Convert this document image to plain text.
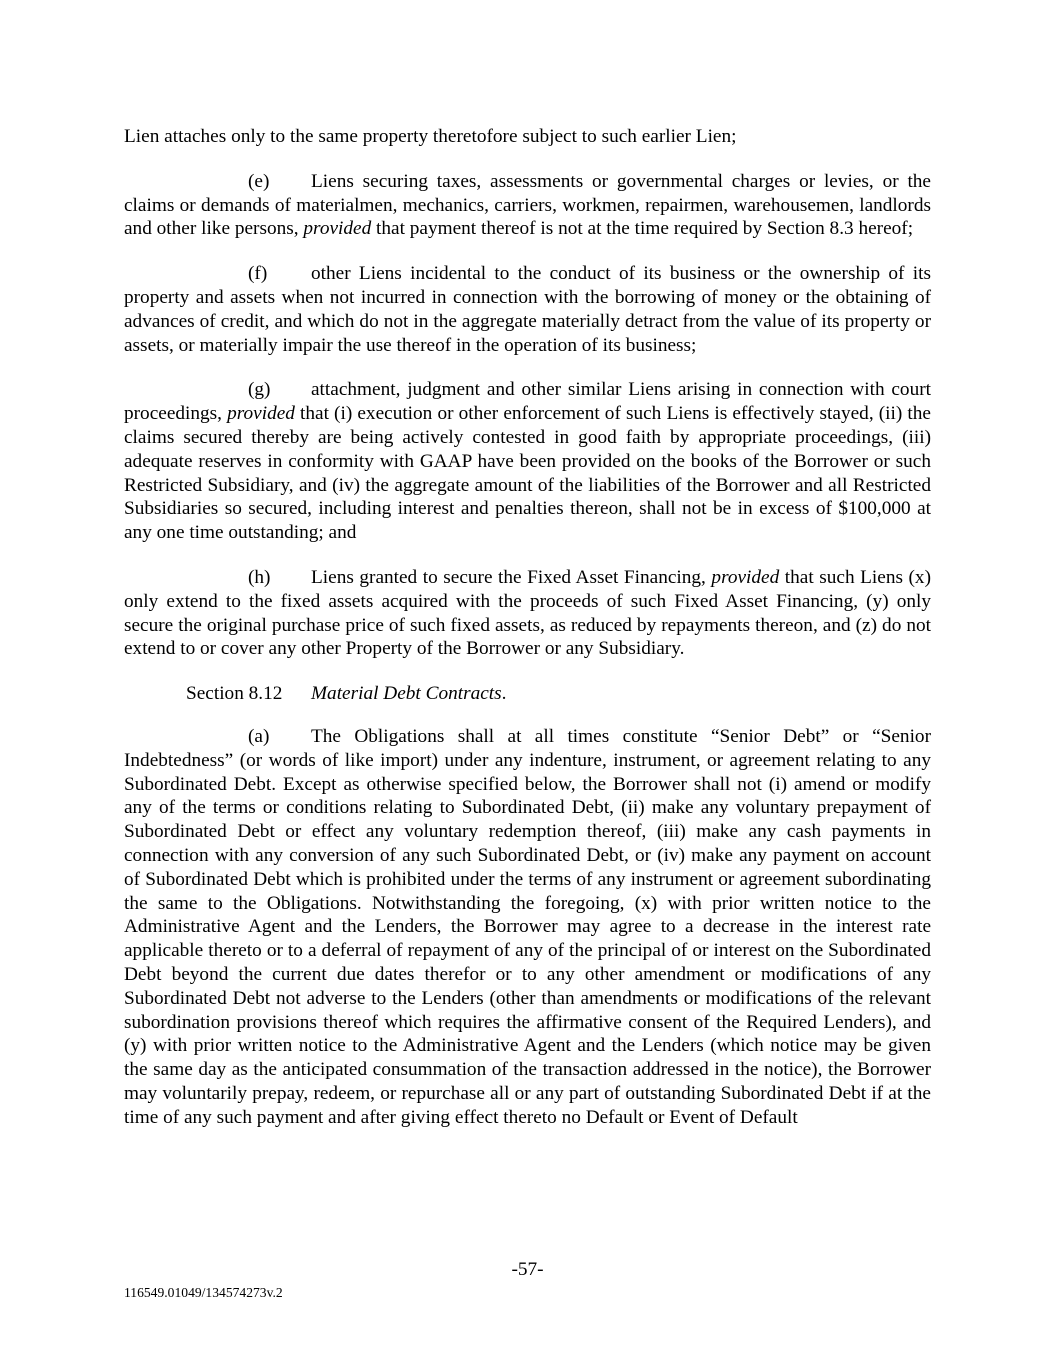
Lien attaches only to the same property theretofore subject to such earlier Lien;

(e) Liens securing taxes, assessments or governmental charges or levies, or the claims or demands of materialmen, mechanics, carriers, workmen, repairmen, warehousemen, landlords and other like persons, provided that payment thereof is not at the time required by Section 8.3 hereof;

(f) other Liens incidental to the conduct of its business or the ownership of its property and assets when not incurred in connection with the borrowing of money or the obtaining of advances of credit, and which do not in the aggregate materially detract from the value of its property or assets, or materially impair the use thereof in the operation of its business;

(g) attachment, judgment and other similar Liens arising in connection with court proceedings, provided that (i) execution or other enforcement of such Liens is effectively stayed, (ii) the claims secured thereby are being actively contested in good faith by appropriate proceedings, (iii) adequate reserves in conformity with GAAP have been provided on the books of the Borrower or such Restricted Subsidiary, and (iv) the aggregate amount of the liabilities of the Borrower and all Restricted Subsidiaries so secured, including interest and penalties thereon, shall not be in excess of $100,000 at any one time outstanding; and

(h) Liens granted to secure the Fixed Asset Financing, provided that such Liens (x) only extend to the fixed assets acquired with the proceeds of such Fixed Asset Financing, (y) only secure the original purchase price of such fixed assets, as reduced by repayments thereon, and (z) do not extend to or cover any other Property of the Borrower or any Subsidiary.

Section 8.12 Material Debt Contracts.

(a) The Obligations shall at all times constitute “Senior Debt” or “Senior Indebtedness” (or words of like import) under any indenture, instrument, or agreement relating to any Subordinated Debt. Except as otherwise specified below, the Borrower shall not (i) amend or modify any of the terms or conditions relating to Subordinated Debt, (ii) make any voluntary prepayment of Subordinated Debt or effect any voluntary redemption thereof, (iii) make any cash payments in connection with any conversion of any such Subordinated Debt, or (iv) make any payment on account of Subordinated Debt which is prohibited under the terms of any instrument or agreement subordinating the same to the Obligations. Notwithstanding the foregoing, (x) with prior written notice to the Administrative Agent and the Lenders, the Borrower may agree to a decrease in the interest rate applicable thereto or to a deferral of repayment of any of the principal of or interest on the Subordinated Debt beyond the current due dates therefor or to any other amendment or modifications of any Subordinated Debt not adverse to the Lenders (other than amendments or modifications of the relevant subordination provisions thereof which requires the affirmative consent of the Required Lenders), and (y) with prior written notice to the Administrative Agent and the Lenders (which notice may be given the same day as the anticipated consummation of the transaction addressed in the notice), the Borrower may voluntarily prepay, redeem, or repurchase all or any part of outstanding Subordinated Debt if at the time of any such payment and after giving effect thereto no Default or Event of Default

-57-
116549.01049/134574273v.2
